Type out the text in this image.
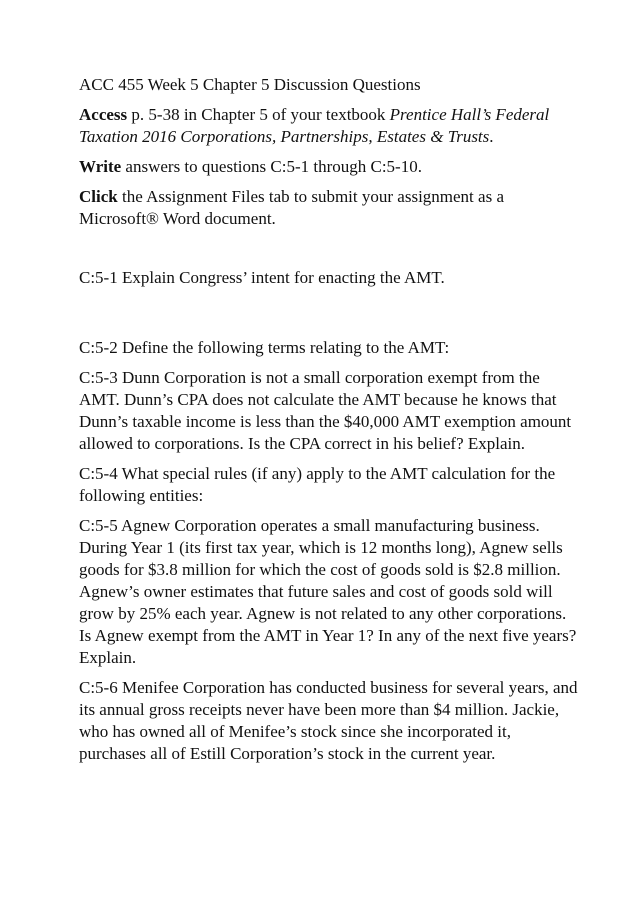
ACC 455 Week 5 Chapter 5 Discussion Questions

Access p. 5-38 in Chapter 5 of your textbook Prentice Hall’s Federal Taxation 2016 Corporations, Partnerships, Estates & Trusts.

Write answers to questions C:5-1 through C:5-10.

Click the Assignment Files tab to submit your assignment as a Microsoft® Word document.

C:5-1 Explain Congress’ intent for enacting the AMT.

C:5-2 Define the following terms relating to the AMT:

C:5-3 Dunn Corporation is not a small corporation exempt from the AMT. Dunn’s CPA does not calculate the AMT because he knows that Dunn’s taxable income is less than the $40,000 AMT exemption amount allowed to corporations. Is the CPA correct in his belief? Explain.

C:5-4 What special rules (if any) apply to the AMT calculation for the following entities:

C:5-5 Agnew Corporation operates a small manufacturing business. During Year 1 (its first tax year, which is 12 months long), Agnew sells goods for $3.8 million for which the cost of goods sold is $2.8 million. Agnew’s owner estimates that future sales and cost of goods sold will grow by 25% each year. Agnew is not related to any other corporations. Is Agnew exempt from the AMT in Year 1? In any of the next five years? Explain.

C:5-6 Menifee Corporation has conducted business for several years, and its annual gross receipts never have been more than $4 million. Jackie, who has owned all of Menifee’s stock since she incorporated it, purchases all of Estill Corporation’s stock in the current year.
